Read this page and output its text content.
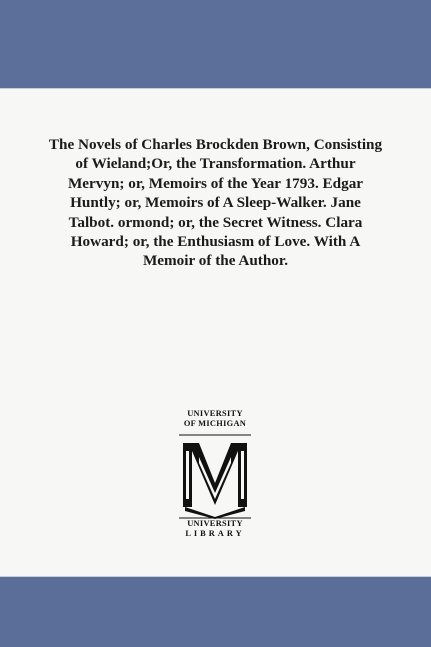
The Novels of Charles Brockden Brown, Consisting of Wieland;Or, the Transformation. Arthur Mervyn; or, Memoirs of the Year 1793. Edgar Huntly; or, Memoirs of A Sleep-Walker. Jane Talbot. ormond; or, the Secret Witness. Clara Howard; or, the Enthusiasm of Love. With A Memoir of the Author.
UNIVERSITY
OF MICHIGAN
UNIVERSITY
LIBRARY
